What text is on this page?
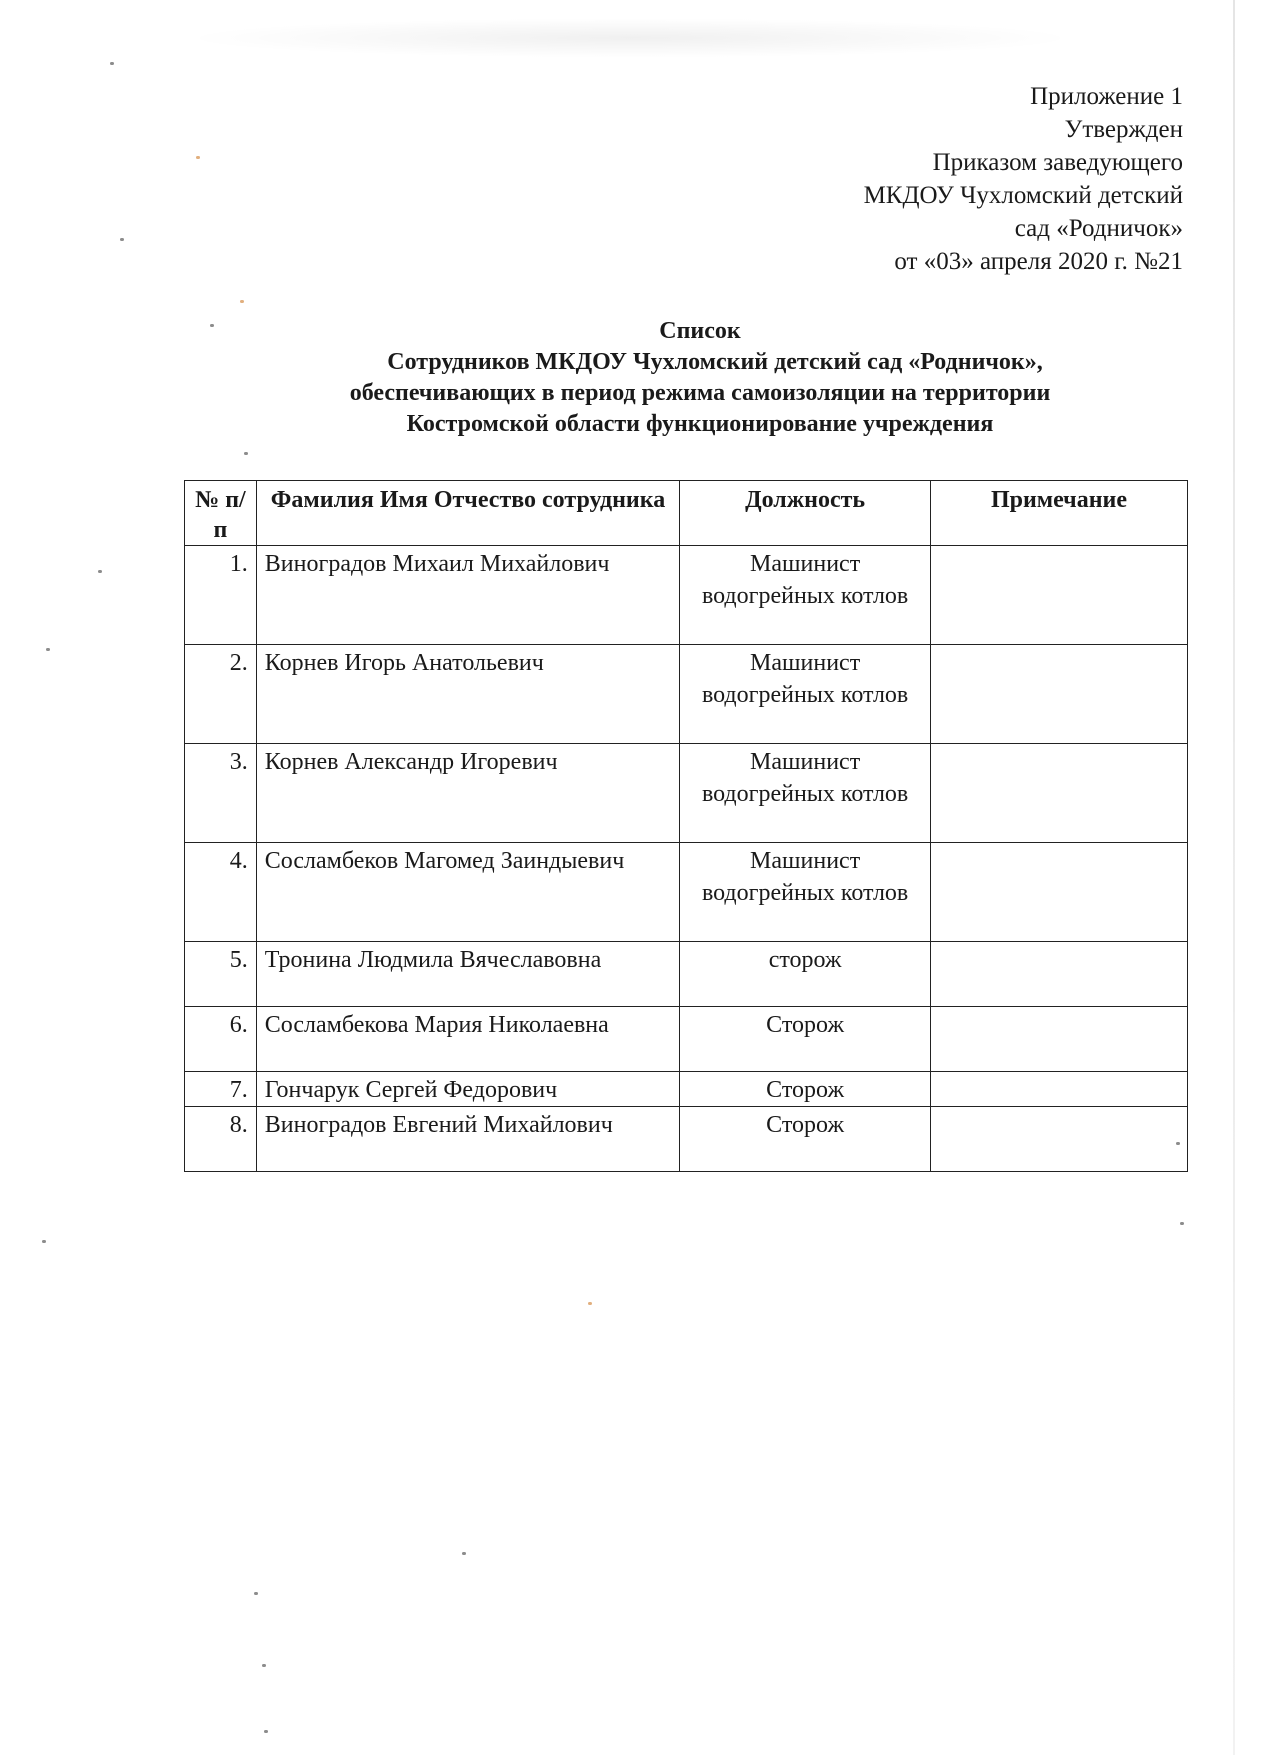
Приложение 1
Утвержден
Приказом заведующего
МКДОУ Чухломский детский
сад «Родничок»
от «03» апреля 2020 г. №21
Список
Сотрудников МКДОУ Чухломский детский сад «Родничок»,
обеспечивающих в период режима самоизоляции на территории
Костромской области функционирование учреждения
№ п/п	Фамилия Имя Отчество сотрудника	Должность	Примечание
1.	Виноградов Михаил Михайлович	Машинист водогрейных котлов	
2.	Корнев Игорь Анатольевич	Машинист водогрейных котлов	
3.	Корнев Александр Игоревич	Машинист водогрейных котлов	
4.	Сосламбеков Магомед Заиндыевич	Машинист водогрейных котлов	
5.	Тронина Людмила Вячеславовна	сторож	
6.	Сосламбекова Мария Николаевна	Сторож	
7.	Гончарук Сергей Федорович	Сторож	
8.	Виноградов Евгений Михайлович	Сторож	
